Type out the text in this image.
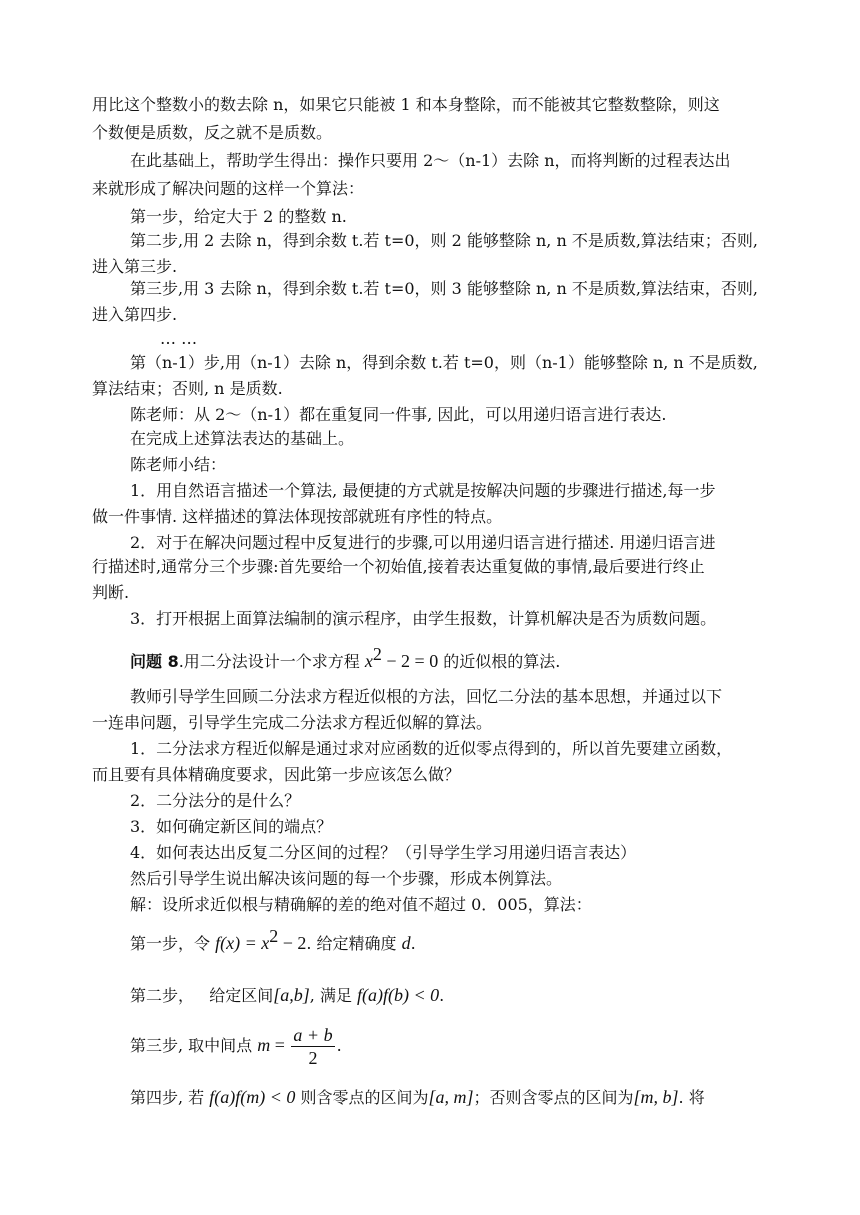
用比这个整数小的数去除 n，如果它只能被 1 和本身整除，而不能被其它整数整除，则这
个数便是质数，反之就不是质数。
在此基础上，帮助学生得出：操作只要用 2～（n-1）去除 n，而将判断的过程表达出
来就形成了解决问题的这样一个算法：
第一步，给定大于 2 的整数 n.
第二步,用 2 去除 n，得到余数 t.若 t=0，则 2 能够整除 n, n 不是质数,算法结束；否则,
进入第三步.
第三步,用 3 去除 n，得到余数 t.若 t=0，则 3 能够整除 n, n 不是质数,算法结束，否则,
进入第四步.
… …
第（n-1）步,用（n-1）去除 n，得到余数 t.若 t=0，则（n-1）能够整除 n, n 不是质数,
算法结束；否则, n 是质数.
陈老师：从 2～（n-1）都在重复同一件事, 因此，可以用递归语言进行表达.
在完成上述算法表达的基础上。
陈老师小结：
1．用自然语言描述一个算法, 最便捷的方式就是按解决问题的步骤进行描述,每一步
做一件事情. 这样描述的算法体现按部就班有序性的特点。
2．对于在解决问题过程中反复进行的步骤,可以用递归语言进行描述. 用递归语言进
行描述时,通常分三个步骤:首先要给一个初始值,接着表达重复做的事情,最后要进行终止
判断.
3．打开根据上面算法编制的演示程序，由学生报数，计算机解决是否为质数问题。
问题 8.用二分法设计一个求方程 $x^2 - 2 = 0$ 的近似根的算法.
教师引导学生回顾二分法求方程近似根的方法，回忆二分法的基本思想，并通过以下
一连串问题，引导学生完成二分法求方程近似解的算法。
1．二分法求方程近似解是通过求对应函数的近似零点得到的，所以首先要建立函数，
而且要有具体精确度要求，因此第一步应该怎么做？
2．二分法分的是什么？
3．如何确定新区间的端点？
4．如何表达出反复二分区间的过程？（引导学生学习用递归语言表达）
然后引导学生说出解决该问题的每一个步骤，形成本例算法。
解：设所求近似根与精确解的差的绝对值不超过 0．005，算法：
第一步，令 $f(x) = x^2 - 2$. 给定精确度 d.
第二步，   给定区间[a,b], 满足 f(a)f(b) < 0.
第三步, 取中间点 $m = \frac{a + b}{2}$ .
第四步, 若 f(a)f(m) < 0 则含零点的区间为[a, m]；否则含零点的区间为[m, b]. 将
